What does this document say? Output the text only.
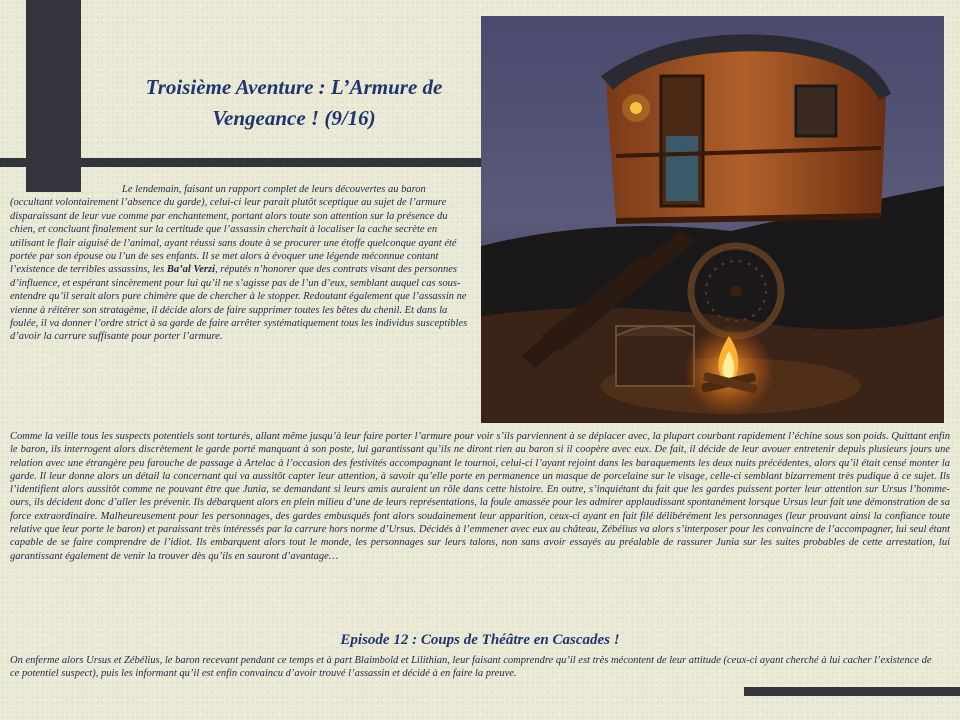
Troisième Aventure : L’Armure de
Vengeance ! (9/16)
Le lendemain, faisant un rapport complet de leurs découvertes au baron (occultant volontairement l’absence du garde), celui-ci leur parait plutôt sceptique au sujet de l’armure disparaissant de leur vue comme par enchantement, portant alors toute son attention sur la présence du chien, et concluant finalement sur la certitude que l’assassin cherchait à localiser la cache secrète en utilisant le flair aiguisé de l’animal, ayant réussi sans doute à se procurer une étoffe quelconque ayant été portée par son épouse ou l’un de ses enfants. Il se met alors à évoquer une légende méconnue contant l’existence de terribles assassins, les Ba’al Verzi, réputés n’honorer que des contrats visant des personnes d’influence, et espérant sincèrement pour lui qu’il ne s’agisse pas de l’un d’eux, semblant auquel cas sous-entendre qu’il serait alors pure chimère que de chercher à le stopper. Redoutant également que l’assassin ne vienne à réitérer son stratagème, il décide alors de faire supprimer toutes les bêtes du chenil. Et dans la foulée, il va donner l’ordre strict à sa garde de faire arrêter systématiquement tous les individus susceptibles d’avoir la carrure suffisante pour porter l’armure.
Comme la veille tous les suspects potentiels sont torturés, allant même jusqu’à leur faire porter l’armure pour voir s’ils parviennent à se déplacer avec, la plupart courbant rapidement l’échine sous son poids. Quittant enfin le baron, ils interrogent alors discrètement le garde porté manquant à son poste, lui garantissant qu’ils ne diront rien au baron si il coopère avec eux. De fait, il décide de leur avouer entretenir depuis plusieurs jours une relation avec une étrangère peu farouche de passage à Artelac à l’occasion des festivités accompagnant le tournoi, celui-ci l’ayant rejoint dans les baraquements les deux nuits précédentes, alors qu’il était censé monter la garde. Il leur donne alors un détail la concernant qui va aussitôt capter leur attention, à savoir qu’elle porte en permanence un masque de porcelaine sur le visage, celle-ci semblant bizarrement très pudique à ce sujet. Ils l’identifient alors aussitôt comme ne pouvant être que Junia, se demandant si leurs amis auraient un rôle dans cette histoire. En outre, s’inquiétant du fait que les gardes puissent porter leur attention sur Ursus l’homme-ours, ils décident donc d’aller les prévenir. Ils débarquent alors en plein milieu d’une de leurs représentations, la foule amassée pour les admirer applaudissant spontanément lorsque Ursus leur fait une démonstration de sa force extraordinaire. Malheureusement pour les personnages, des gardes embusqués font alors soudainement leur apparition, ceux-ci ayant en fait filé délibérément les personnages (leur prouvant ainsi la confiance toute relative que leur porte le baron) et paraissant très intéressés par la carrure hors norme d’Ursus. Décidés à l’emmener avec eux au château, Zébélius va alors s’interposer pour les convaincre de l’accompagner, lui seul étant capable de se faire comprendre de l’idiot. Ils embarquent alors tout le monde, les personnages sur leurs talons, non sans avoir essayés au préalable de rassurer Junia sur les suites probables de cette arrestation, lui garantissant également de venir la trouver dès qu’ils en sauront d’avantage…
Episode 12 : Coups de Théâtre en Cascades !
On enferme alors Ursus et Zébélius, le baron recevant pendant ce temps et à part Blaimbold et Lilithian, leur faisant comprendre qu’il est très mécontent de leur attitude (ceux-ci ayant cherché à lui cacher l’existence de ce potentiel suspect), puis les informant qu’il est enfin convaincu d’avoir trouvé l’assassin et décidé à en faire la preuve.
